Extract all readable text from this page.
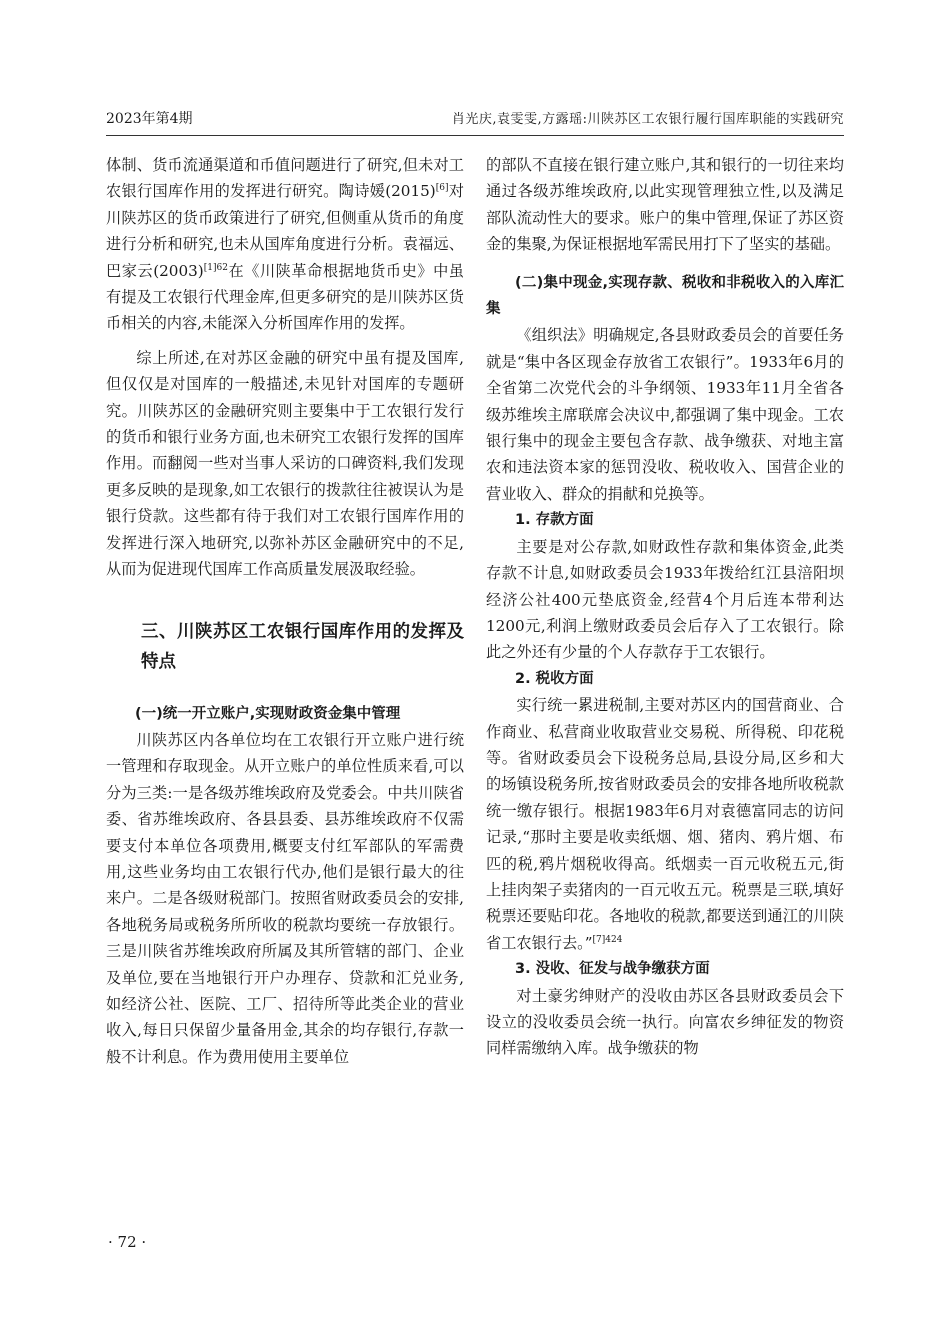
2023年第4期	肖光庆,袁雯雯,方露瑶:川陕苏区工农银行履行国库职能的实践研究

体制、货币流通渠道和币值问题进行了研究,但未对工农银行国库作用的发挥进行研究。陶诗媛(2015)[6]对川陕苏区的货币政策进行了研究,但侧重从货币的角度进行分析和研究,也未从国库角度进行分析。袁福远、巴家云$(2003)^{[1]62}$在《川陕革命根据地货币史》中虽有提及工农银行代理金库,但更多研究的是川陕苏区货币相关的内容,未能深入分析国库作用的发挥。

综上所述,在对苏区金融的研究中虽有提及国库,但仅仅是对国库的一般描述,未见针对国库的专题研究。川陕苏区的金融研究则主要集中于工农银行发行的货币和银行业务方面,也未研究工农银行发挥的国库作用。而翻阅一些对当事人采访的口碑资料,我们发现更多反映的是现象,如工农银行的拨款往往被误认为是银行贷款。这些都有待于我们对工农银行国库作用的发挥进行深入地研究,以弥补苏区金融研究中的不足,从而为促进现代国库工作高质量发展汲取经验。

三、川陕苏区工农银行国库作用的发挥及特点
(一)统一开立账户,实现财政资金集中管理

川陕苏区内各单位均在工农银行开立账户进行统一管理和存取现金。从开立账户的单位性质来看,可以分为三类:一是各级苏维埃政府及党委会。中共川陕省委、省苏维埃政府、各县县委、县苏维埃政府不仅需要支付本单位各项费用,概要支付红军部队的军需费用,这些业务均由工农银行代办,他们是银行最大的往来户。二是各级财税部门。按照省财政委员会的安排,各地税务局或税务所所收的税款均要统一存放银行。三是川陕省苏维埃政府所属及其所管辖的部门、企业及单位,要在当地银行开户办理存、贷款和汇兑业务,如经济公社、医院、工厂、招待所等此类企业的营业收入,每日只保留少量备用金,其余的均存银行,存款一般不计利息。作为费用使用主要单位

的部队不直接在银行建立账户,其和银行的一切往来均通过各级苏维埃政府,以此实现管理独立性,以及满足部队流动性大的要求。账户的集中管理,保证了苏区资金的集聚,为保证根据地军需民用打下了坚实的基础。

(二)集中现金,实现存款、税收和非税收入的入库汇集

《组织法》明确规定,各县财政委员会的首要任务就是“集中各区现金存放省工农银行”。1933年6月的全省第二次党代会的斗争纲领、1933年11月全省各级苏维埃主席联席会决议中,都强调了集中现金。工农银行集中的现金主要包含存款、战争缴获、对地主富农和违法资本家的惩罚没收、税收收入、国营企业的营业收入、群众的捐献和兑换等。

1. 存款方面

主要是对公存款,如财政性存款和集体资金,此类存款不计息,如财政委员会1933年拨给红江县涪阳坝经济公社400元垫底资金,经营4个月后连本带利达1200元,利润上缴财政委员会后存入了工农银行。除此之外还有少量的个人存款存于工农银行。

2. 税收方面

实行统一累进税制,主要对苏区内的国营商业、合作商业、私营商业收取营业交易税、所得税、印花税等。省财政委员会下设税务总局,县设分局,区乡和大的场镇设税务所,按省财政委员会的安排各地所收税款统一缴存银行。根据1983年6月对袁德富同志的访问记录,“那时主要是收卖纸烟、烟、猪肉、鸦片烟、布匹的税,鸦片烟税收得高。纸烟卖一百元收税五元,街上挂肉架子卖猪肉的一百元收五元。税票是三联,填好税票还要贴印花。各地收的税款,都要送到通江的川陕省工农银行去。”$^{[7]424}$

3. 没收、征发与战争缴获方面

对土豪劣绅财产的没收由苏区各县财政委员会下设立的没收委员会统一执行。向富农乡绅征发的物资同样需缴纳入库。战争缴获的物

· 72 ·
